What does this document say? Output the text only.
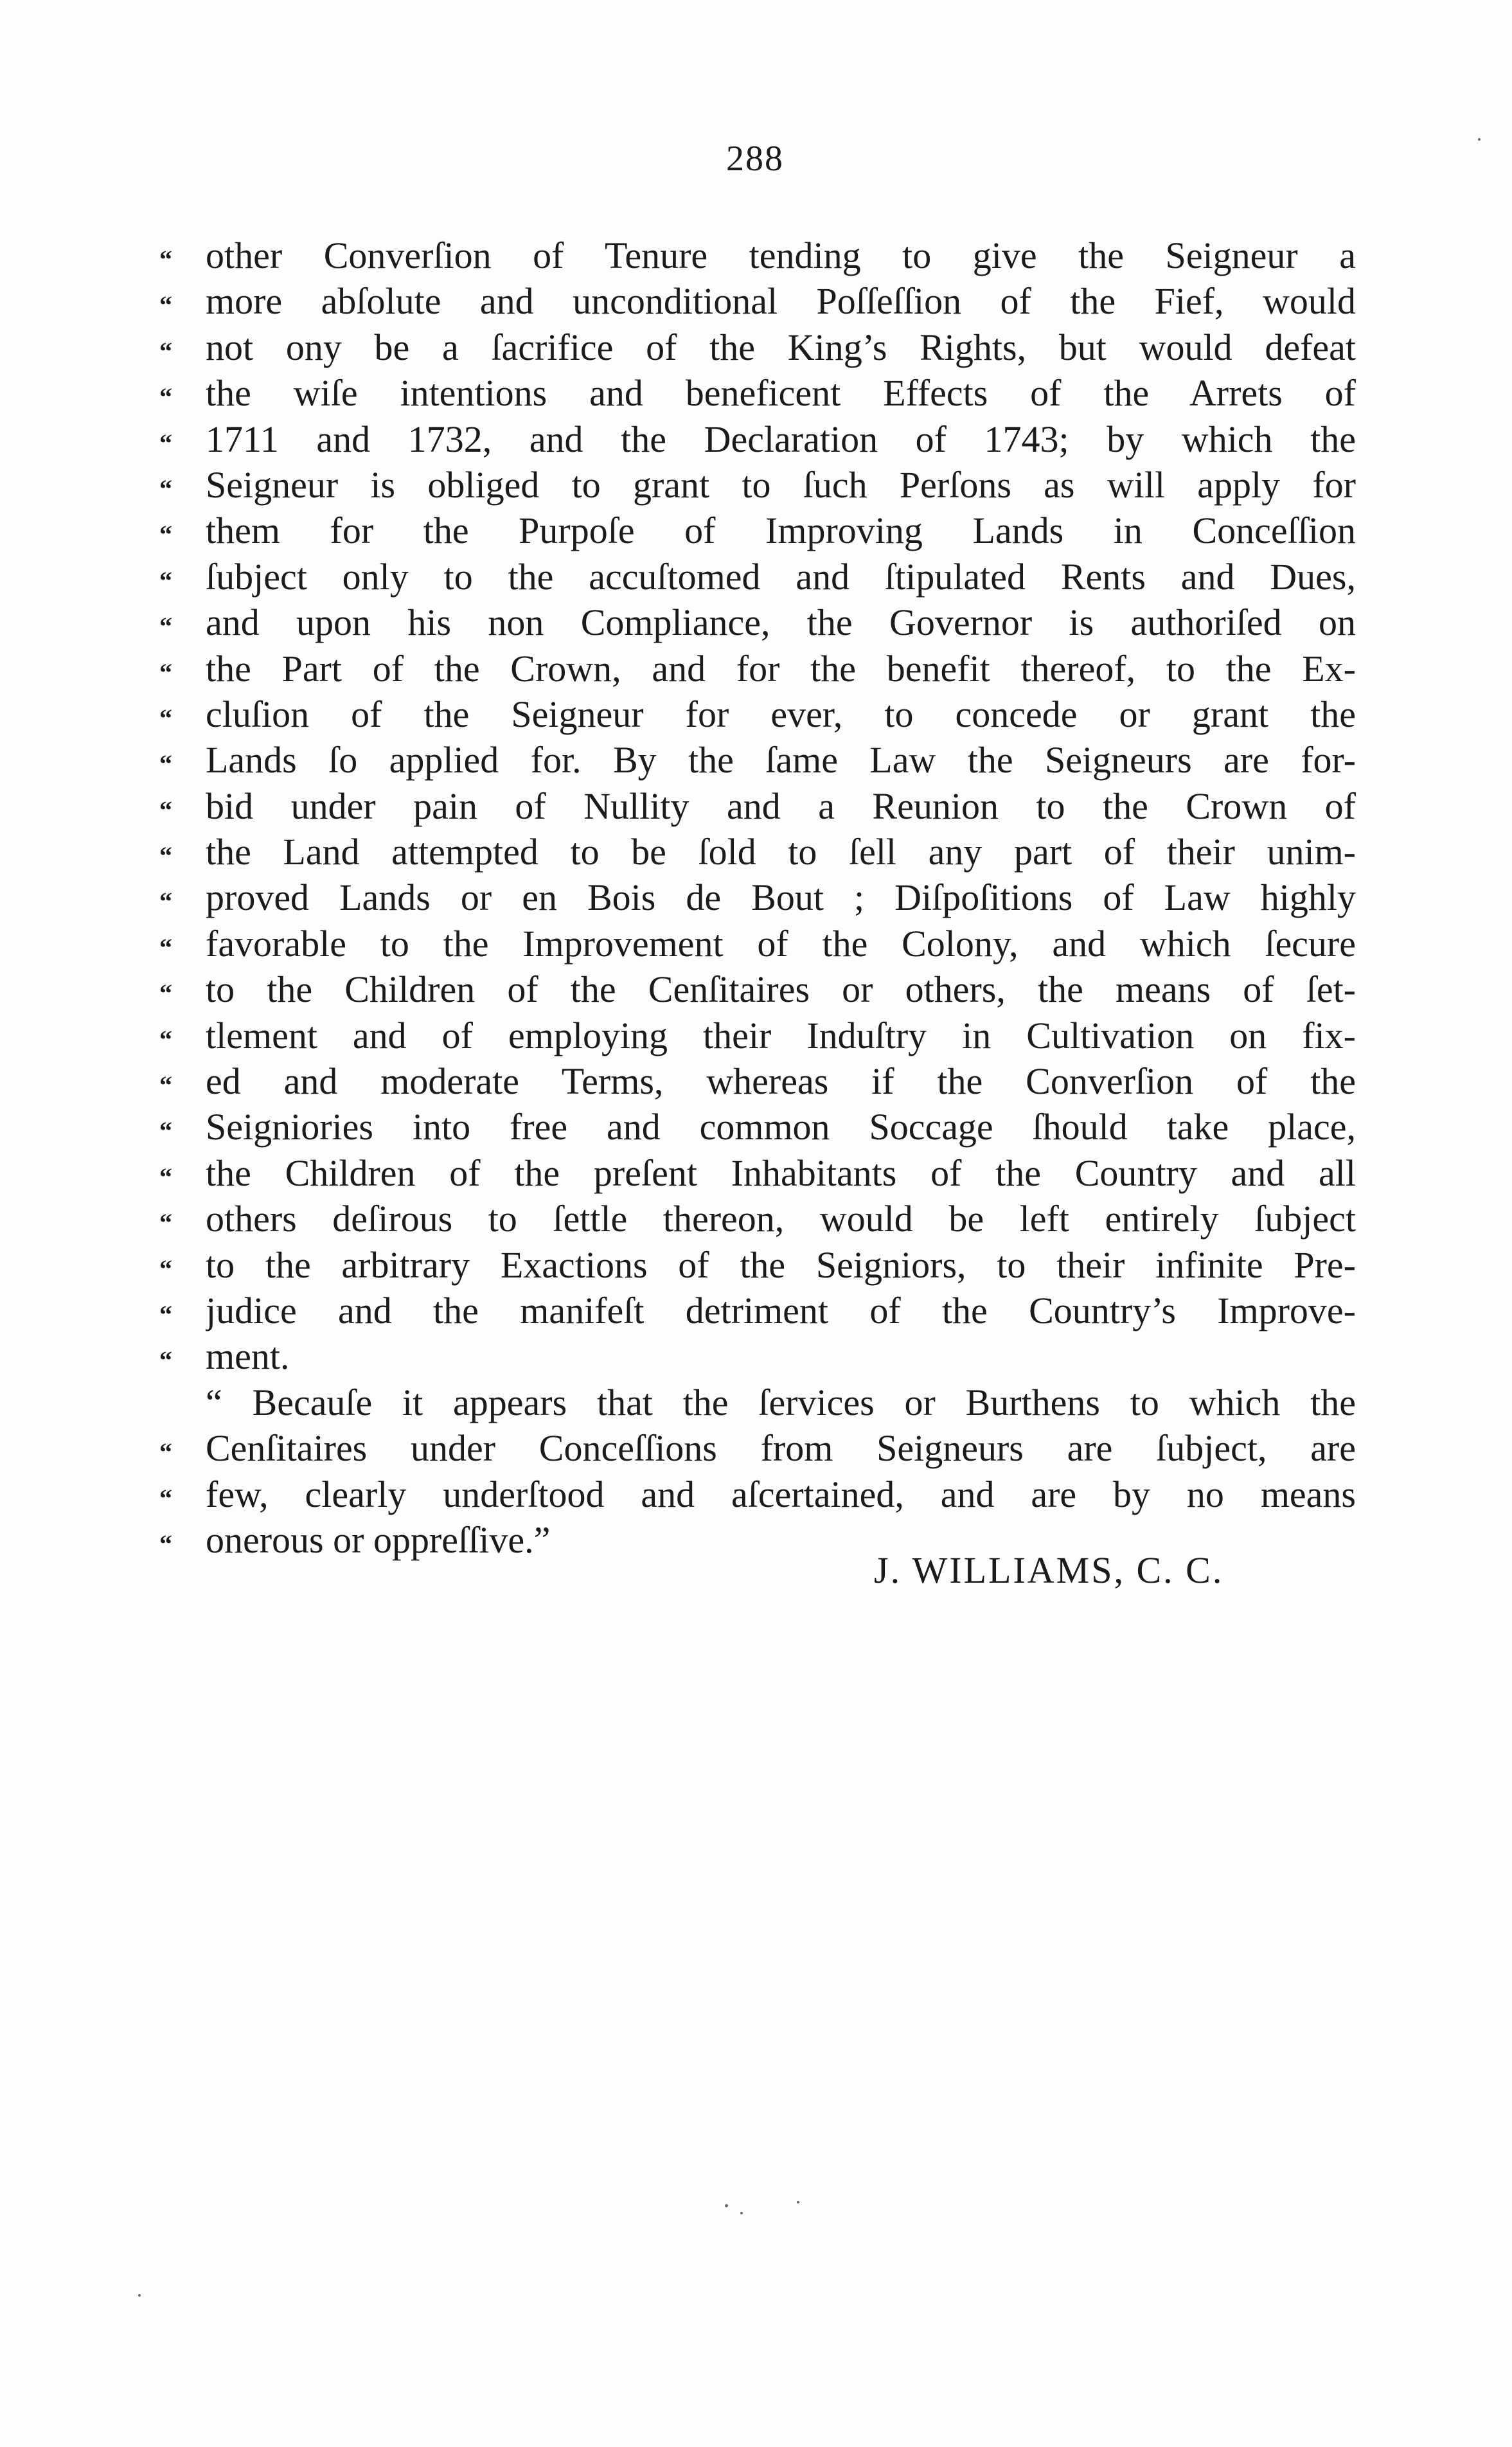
288
“ other Converſion of Tenure tending to give the Seigneur a
“ more abſolute and unconditional Poſſeſſion of the Fief, would
“ not ony be a ſacrifice of the King’s Rights, but would defeat
“ the wiſe intentions and beneficent Effects of the Arrets of
“ 1711 and 1732, and the Declaration of 1743; by which the
“ Seigneur is obliged to grant to ſuch Perſons as will apply for
“ them for the Purpoſe of Improving Lands in Conceſſion
“ ſubject only to the accuſtomed and ſtipulated Rents and Dues,
“ and upon his non Compliance, the Governor is authoriſed on
“ the Part of the Crown, and for the benefit thereof, to the Ex-
“ cluſion of the Seigneur for ever, to concede or grant the
“ Lands ſo applied for. By the ſame Law the Seigneurs are for-
“ bid under pain of Nullity and a Reunion to the Crown of
“ the Land attempted to be ſold to ſell any part of their unim-
“ proved Lands or en Bois de Bout ; Diſpoſitions of Law highly
“ favorable to the Improvement of the Colony, and which ſecure
“ to the Children of the Cenſitaires or others, the means of ſet-
“ tlement and of employing their Induſtry in Cultivation on fix-
“ ed and moderate Terms, whereas if the Converſion of the
“ Seigniories into free and common Soccage ſhould take place,
“ the Children of the preſent Inhabitants of the Country and all
“ others deſirous to ſettle thereon, would be left entirely ſubject
“ to the arbitrary Exactions of the Seigniors, to their infinite Pre-
“ judice and the manifeſt detriment of the Country’s Improve-
“ ment.
“ Becauſe it appears that the ſervices or Burthens to which the
“ Cenſitaires under Conceſſions from Seigneurs are ſubject, are
“ few, clearly underſtood and aſcertained, and are by no means
“ onerous or oppreſſive.”
J. WILLIAMS, C. C.
